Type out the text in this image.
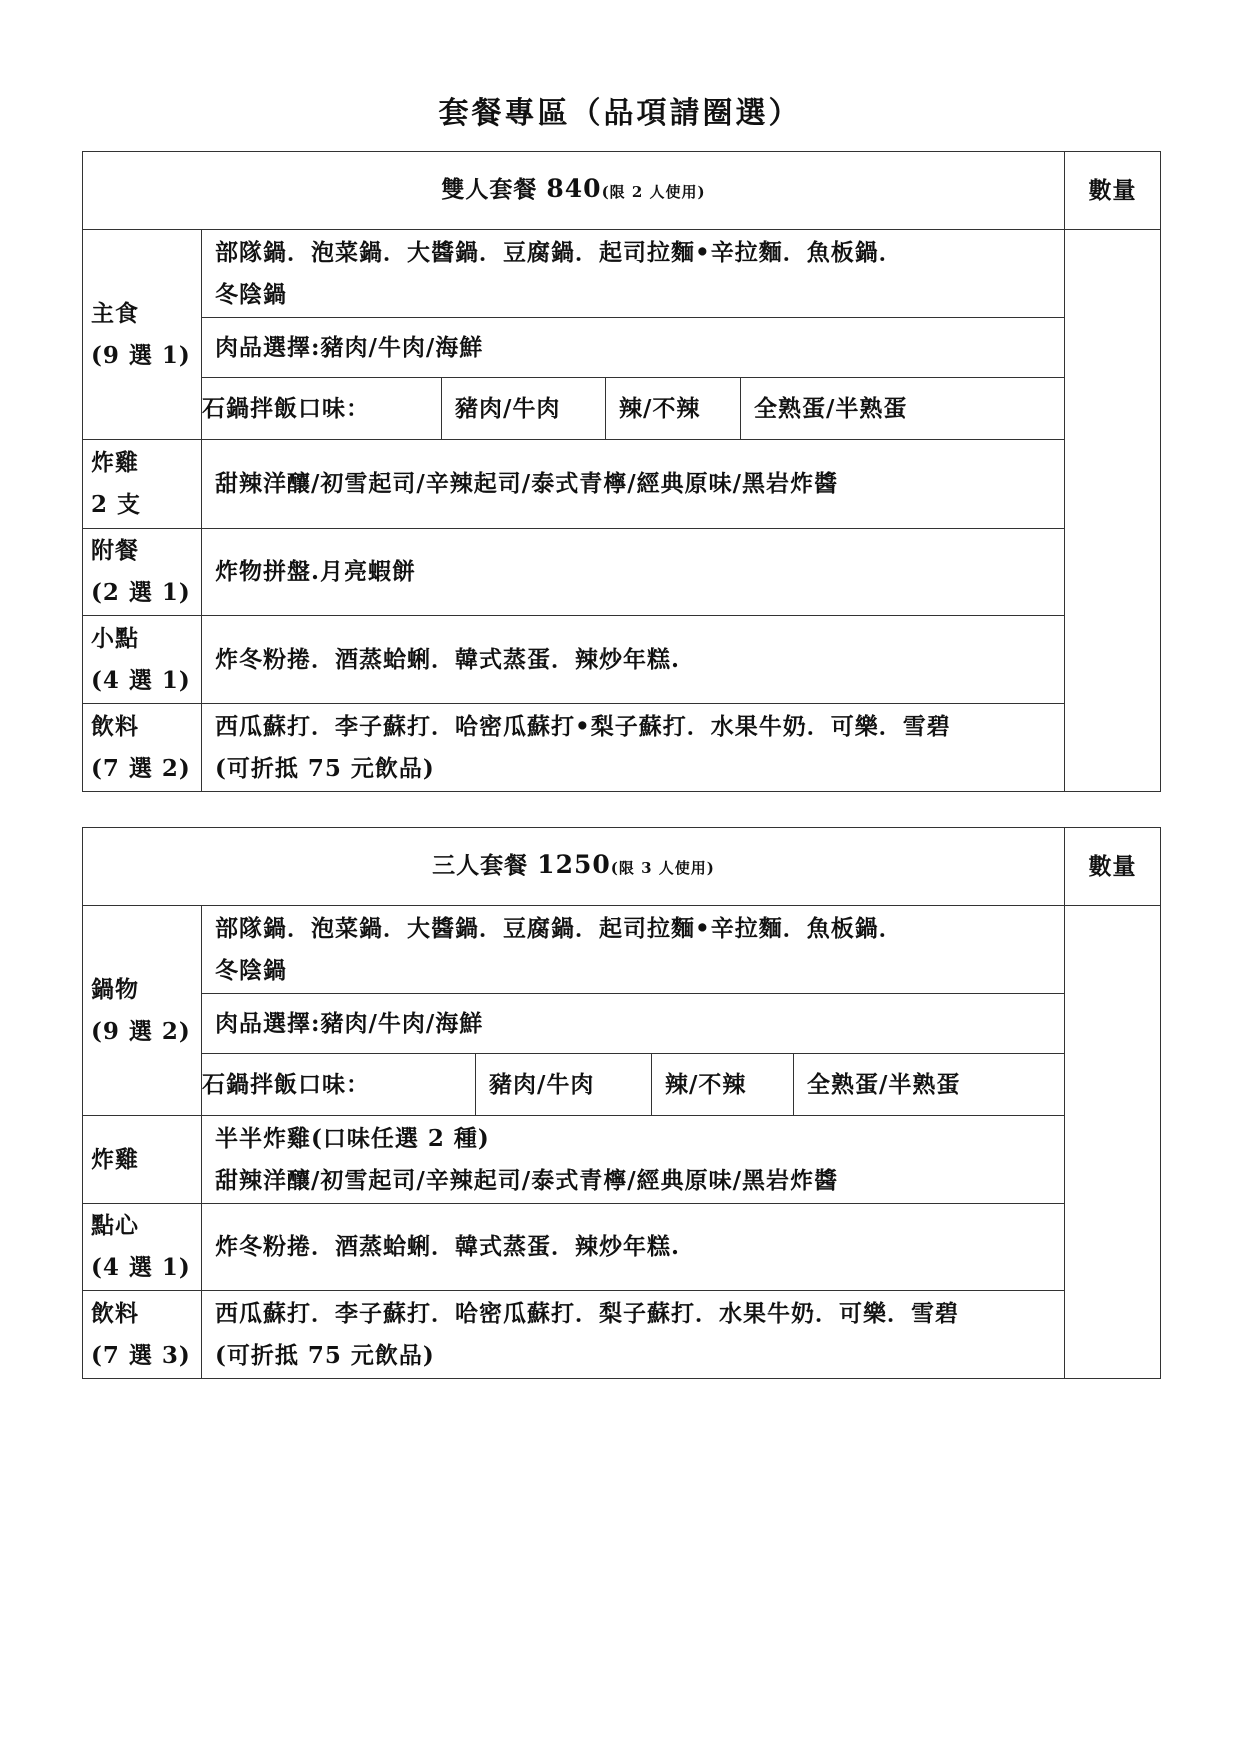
套餐專區（品項請圈選）
雙人套餐 840(限 2 人使用)		數量

主食
(9 選 1)	部隊鍋．泡菜鍋．大醬鍋．豆腐鍋．起司拉麵•辛拉麵．魚板鍋．
冬陰鍋	

	肉品選擇:豬肉/牛肉/海鮮	

石鍋拌飯口味： 豬肉/牛肉 辣/不辣 全熟蛋/半熟蛋	

炸雞
2 支	甜辣洋釀/初雪起司/辛辣起司/泰式青檸/經典原味/黑岩炸醬	

附餐
(2 選 1)	炸物拼盤.月亮蝦餅	

小點
(4 選 1)	炸冬粉捲．酒蒸蛤蜊．韓式蒸蛋．辣炒年糕.	

飲料
(7 選 2)	西瓜蘇打．李子蘇打．哈密瓜蘇打•梨子蘇打．水果牛奶．可樂．雪碧
(可折抵 75 元飲品)	
三人套餐 1250(限 3 人使用)		數量

鍋物
(9 選 2)	部隊鍋．泡菜鍋．大醬鍋．豆腐鍋．起司拉麵•辛拉麵．魚板鍋．
冬陰鍋	

	肉品選擇:豬肉/牛肉/海鮮	

石鍋拌飯口味： 豬肉/牛肉 辣/不辣 全熟蛋/半熟蛋	

炸雞	半半炸雞(口味任選 2 種)
甜辣洋釀/初雪起司/辛辣起司/泰式青檸/經典原味/黑岩炸醬	

點心
(4 選 1)	炸冬粉捲．酒蒸蛤蜊．韓式蒸蛋．辣炒年糕.	

飲料
(7 選 3)	西瓜蘇打．李子蘇打．哈密瓜蘇打．梨子蘇打．水果牛奶．可樂．雪碧
(可折抵 75 元飲品)	
